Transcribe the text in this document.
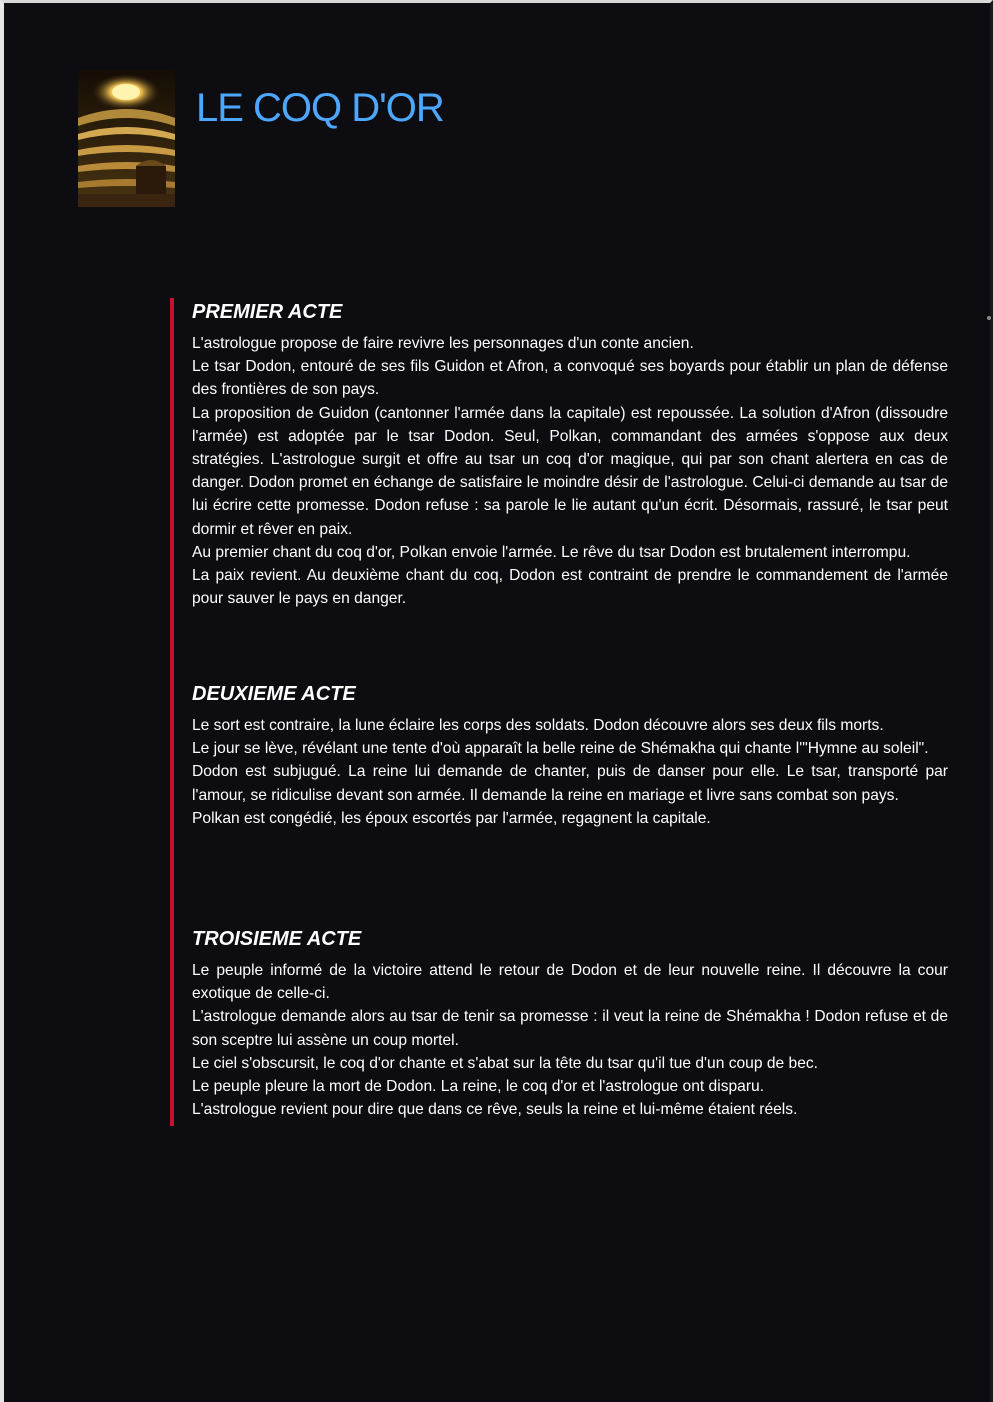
LE COQ D'OR
PREMIER ACTE

L'astrologue propose de faire revivre les personnages d'un conte ancien.

Le tsar Dodon, entouré de ses fils Guidon et Afron, a convoqué ses boyards pour établir un plan de défense des frontières de son pays.

La proposition de Guidon (cantonner l'armée dans la capitale) est repoussée. La solution d'Afron (dissoudre l'armée) est adoptée par le tsar Dodon. Seul, Polkan, commandant des armées s'oppose aux deux stratégies. L'astrologue surgit et offre au tsar un coq d'or magique, qui par son chant alertera en cas de danger. Dodon promet en échange de satisfaire le moindre désir de l'astrologue. Celui-ci demande au tsar de lui écrire cette promesse. Dodon refuse : sa parole le lie autant qu'un écrit. Désormais, rassuré, le tsar peut dormir et rêver en paix.

Au premier chant du coq d'or, Polkan envoie l'armée. Le rêve du tsar Dodon est brutalement interrompu.

La paix revient. Au deuxième chant du coq, Dodon est contraint de prendre le commandement de l'armée pour sauver le pays en danger.

DEUXIEME ACTE

Le sort est contraire, la lune éclaire les corps des soldats. Dodon découvre alors ses deux fils morts.

Le jour se lève, révélant une tente d'où apparaît la belle reine de Shémakha qui chante l'"Hymne au soleil".

Dodon est subjugué. La reine lui demande de chanter, puis de danser pour elle. Le tsar, transporté par l'amour, se ridiculise devant son armée. Il demande la reine en mariage et livre sans combat son pays.

Polkan est congédié, les époux escortés par l'armée, regagnent la capitale.

TROISIEME ACTE

Le peuple informé de la victoire attend le retour de Dodon et de leur nouvelle reine. Il découvre la cour exotique de celle-ci.

L'astrologue demande alors au tsar de tenir sa promesse : il veut la reine de Shémakha ! Dodon refuse et de son sceptre lui assène un coup mortel.

Le ciel s'obscursit, le coq d'or chante et s'abat sur la tête du tsar qu'il tue d'un coup de bec.

Le peuple pleure la mort de Dodon. La reine, le coq d'or et l'astrologue ont disparu.

L'astrologue revient pour dire que dans ce rêve, seuls la reine et lui-même étaient réels.
